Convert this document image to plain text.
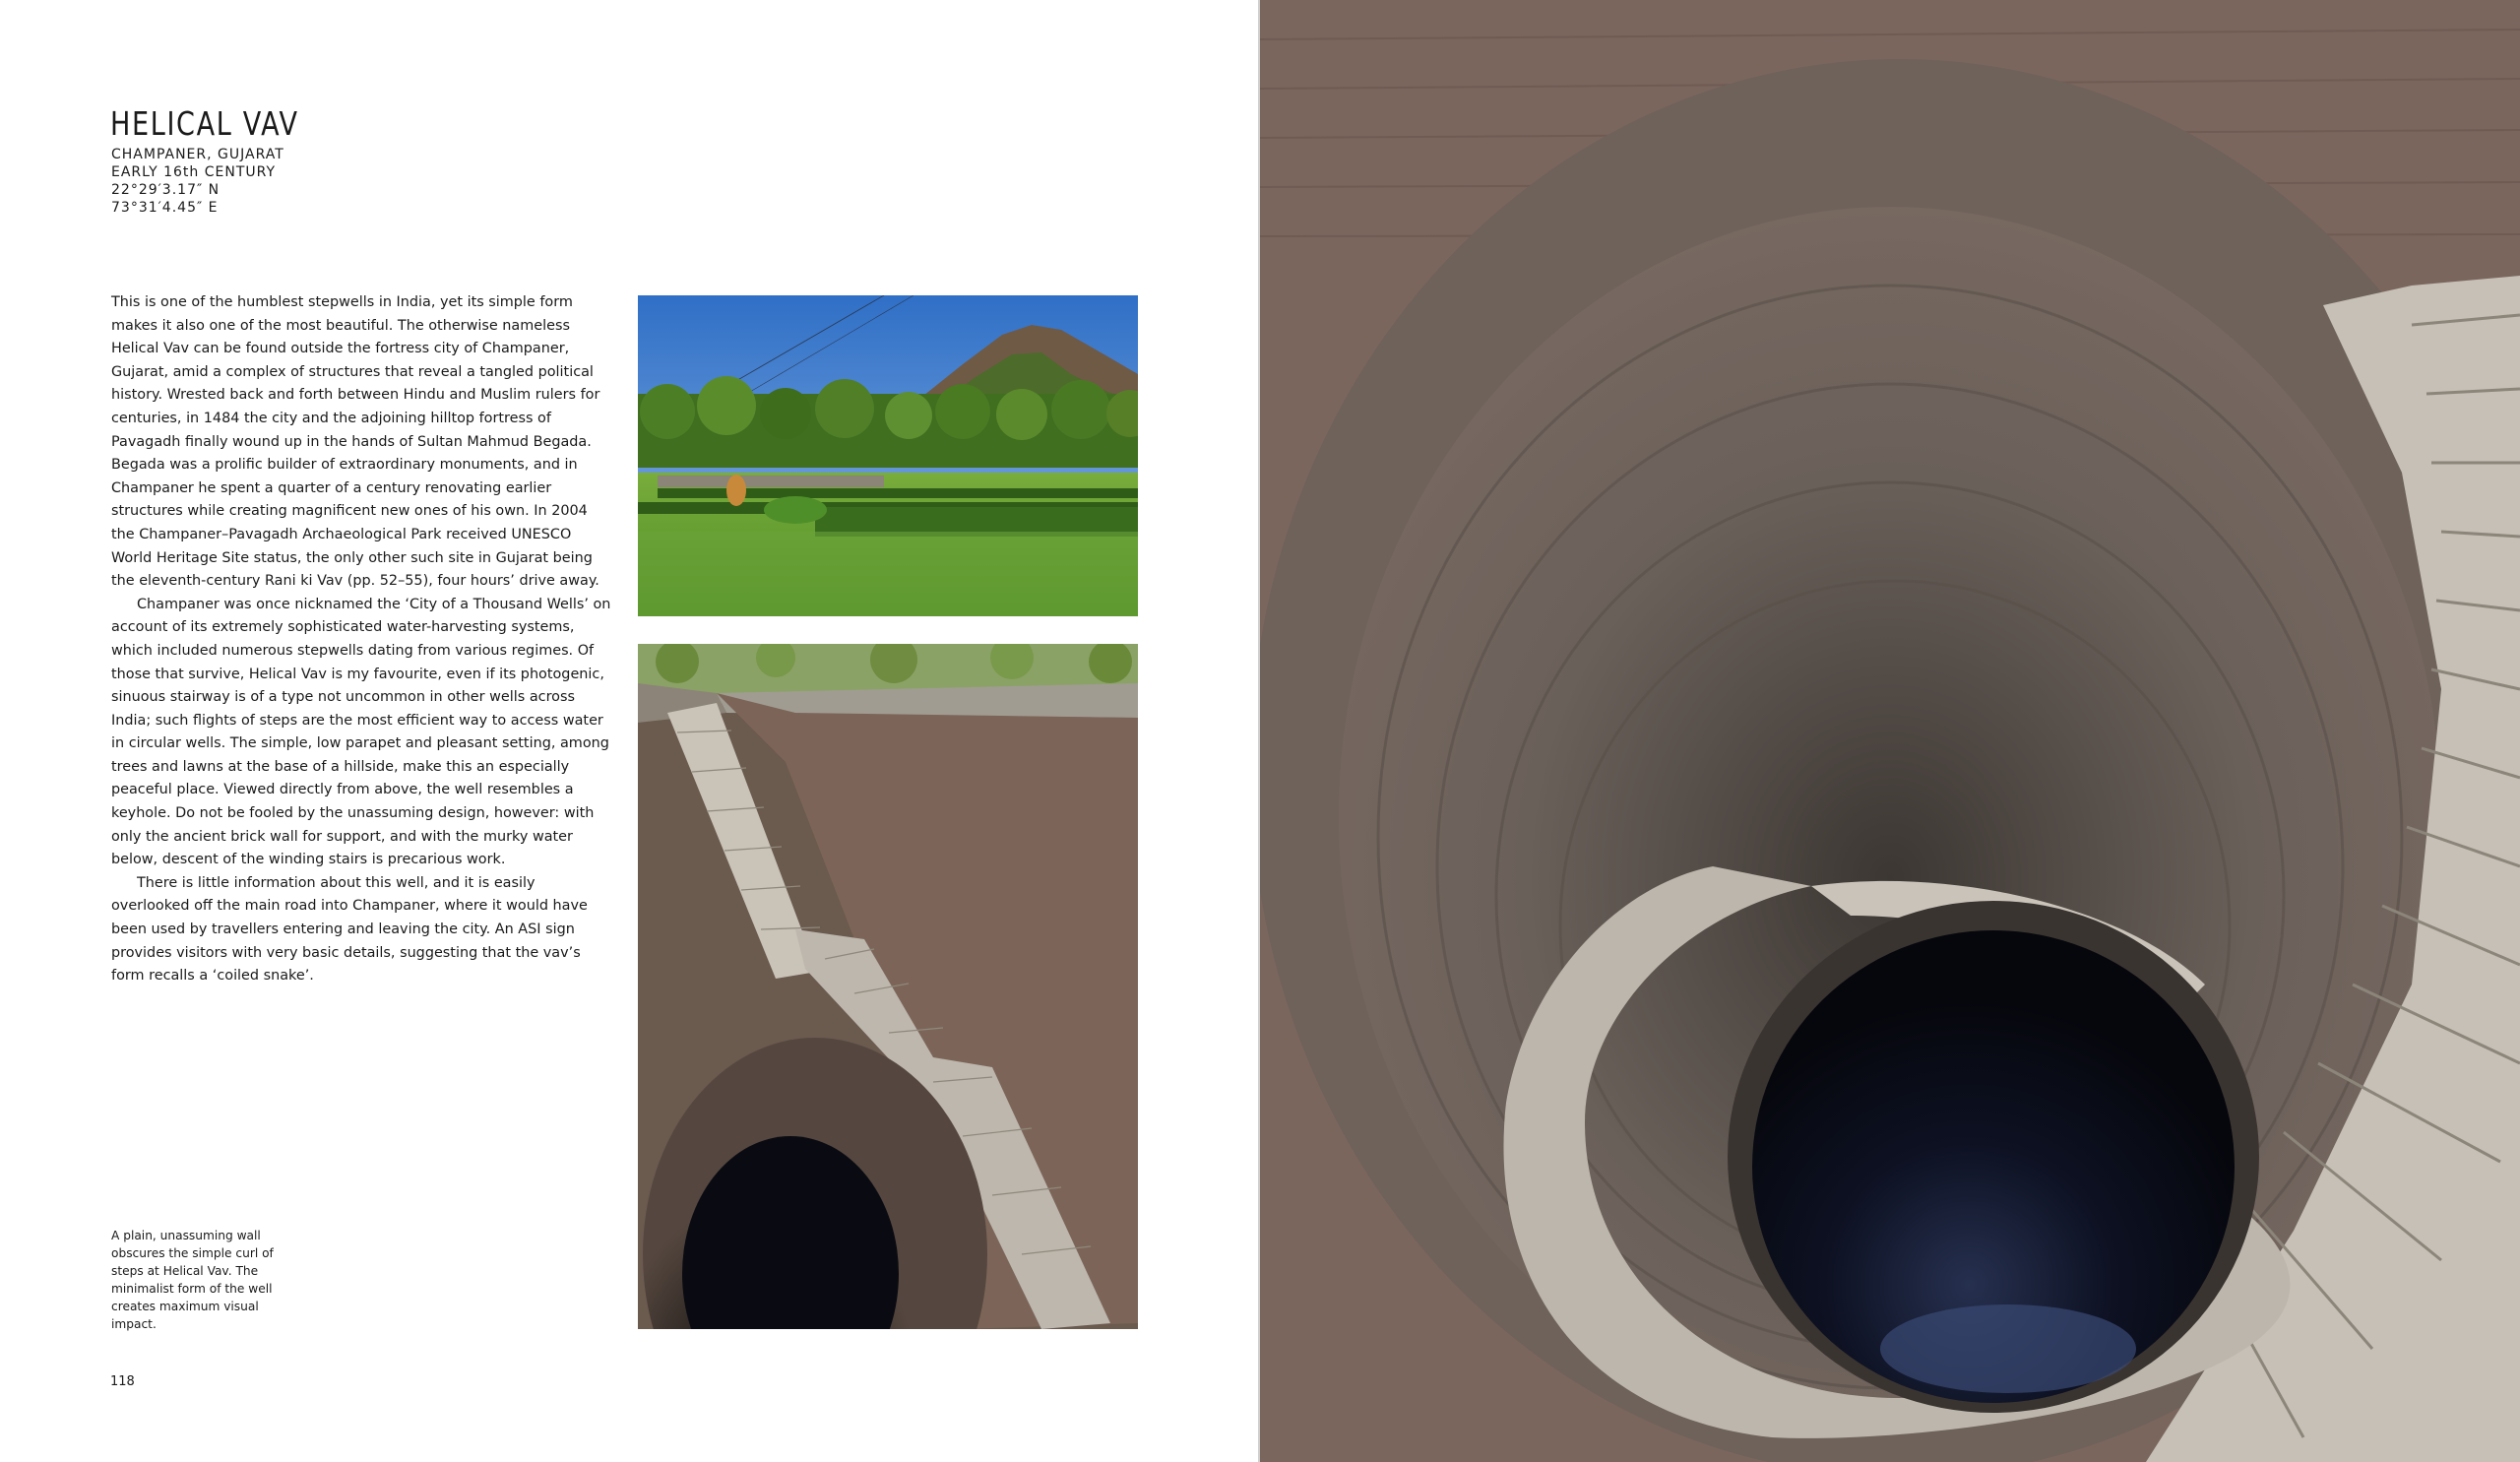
HELICAL VAV
CHAMPANER, GUJARAT
EARLY 16th CENTURY
22°29′3.17″ N
73°31′4.45″ E

This is one of the humblest stepwells in India, yet its simple form makes it also one of the most beautiful. The otherwise nameless Helical Vav can be found outside the fortress city of Champaner, Gujarat, amid a complex of structures that reveal a tangled political history. Wrested back and forth between Hindu and Muslim rulers for centuries, in 1484 the city and the adjoining hilltop fortress of Pavagadh finally wound up in the hands of Sultan Mahmud Begada. Begada was a prolific builder of extraordinary monuments, and in Champaner he spent a quarter of a century renovating earlier structures while creating magnificent new ones of his own. In 2004 the Champaner–Pavagadh Archaeological Park received UNESCO World Heritage Site status, the only other such site in Gujarat being the eleventh-century Rani ki Vav (pp. 52–55), four hours’ drive away.

Champaner was once nicknamed the ‘City of a Thousand Wells’ on account of its extremely sophisticated water-harvesting systems, which included numerous stepwells dating from various regimes. Of those that survive, Helical Vav is my favourite, even if its photogenic, sinuous stairway is of a type not uncommon in other wells across India; such flights of steps are the most efficient way to access water in circular wells. The simple, low parapet and pleasant setting, among trees and lawns at the base of a hillside, make this an especially peaceful place. Viewed directly from above, the well resembles a keyhole. Do not be fooled by the unassuming design, however: with only the ancient brick wall for support, and with the murky water below, descent of the winding stairs is precarious work.

There is little information about this well, and it is easily overlooked off the main road into Champaner, where it would have been used by travellers entering and leaving the city. An ASI sign provides visitors with very basic details, suggesting that the vav’s form recalls a ‘coiled snake’.

A plain, unassuming wall obscures the simple curl of steps at Helical Vav. The minimalist form of the well creates maximum visual impact.
118
